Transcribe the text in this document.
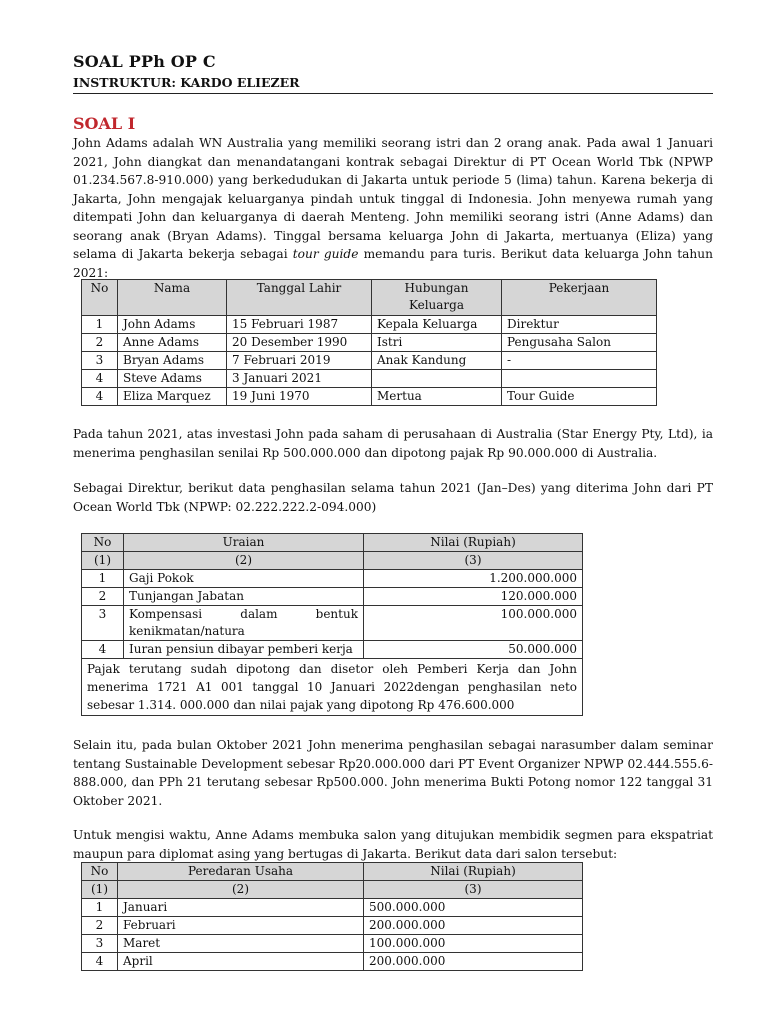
SOAL PPh OP C
INSTRUKTUR: KARDO ELIEZER
SOAL I
John Adams adalah WN Australia yang memiliki seorang istri dan 2 orang anak. Pada awal 1 Januari 2021, John diangkat dan menandatangani kontrak sebagai Direktur di PT Ocean World Tbk (NPWP 01.234.567.8-910.000) yang berkedudukan di Jakarta untuk periode 5 (lima) tahun. Karena bekerja di Jakarta, John mengajak keluarganya pindah untuk tinggal di Indonesia. John menyewa rumah yang ditempati John dan keluarganya di daerah Menteng. John memiliki seorang istri (Anne Adams) dan seorang anak (Bryan Adams). Tinggal bersama keluarga John di Jakarta, mertuanya (Eliza) yang selama di Jakarta bekerja sebagai tour guide memandu para turis. Berikut data keluarga John tahun 2021:
No	Nama	Tanggal Lahir	Hubungan Keluarga	Pekerjaan
1	John Adams	15 Februari 1987	Kepala Keluarga	Direktur
2	Anne Adams	20 Desember 1990	Istri	Pengusaha Salon
3	Bryan Adams	7 Februari 2019	Anak Kandung	-
4	Steve Adams	3 Januari 2021		
4	Eliza Marquez	19 Juni 1970	Mertua	Tour Guide
Pada tahun 2021, atas investasi John pada saham di perusahaan di Australia (Star Energy Pty, Ltd), ia menerima penghasilan senilai Rp 500.000.000 dan dipotong pajak Rp 90.000.000 di Australia.
Sebagai Direktur, berikut data penghasilan selama tahun 2021 (Jan–Des) yang diterima John dari PT Ocean World Tbk (NPWP: 02.222.222.2-094.000)
No	Uraian	Nilai (Rupiah)
(1)	(2)	(3)
1	Gaji Pokok	1.200.000.000
2	Tunjangan Jabatan	120.000.000
3	Kompensasi dalam bentuk kenikmatan/natura	100.000.000
4	Iuran pensiun dibayar pemberi kerja	50.000.000
Pajak terutang sudah dipotong dan disetor oleh Pemberi Kerja dan John menerima 1721 A1 001 tanggal 10 Januari 2022dengan penghasilan neto sebesar 1.314. 000.000 dan nilai pajak yang dipotong Rp 476.600.000		
Selain itu, pada bulan Oktober 2021 John menerima penghasilan sebagai narasumber dalam seminar tentang Sustainable Development sebesar Rp20.000.000 dari PT Event Organizer NPWP 02.444.555.6-888.000, dan PPh 21 terutang sebesar Rp500.000. John menerima Bukti Potong nomor 122 tanggal 31 Oktober 2021.
Untuk mengisi waktu, Anne Adams membuka salon yang ditujukan membidik segmen para ekspatriat maupun para diplomat asing yang bertugas di Jakarta. Berikut data dari salon tersebut:
No	Peredaran Usaha	Nilai (Rupiah)
(1)	(2)	(3)
1	Januari	500.000.000
2	Februari	200.000.000
3	Maret	100.000.000
4	April	200.000.000
